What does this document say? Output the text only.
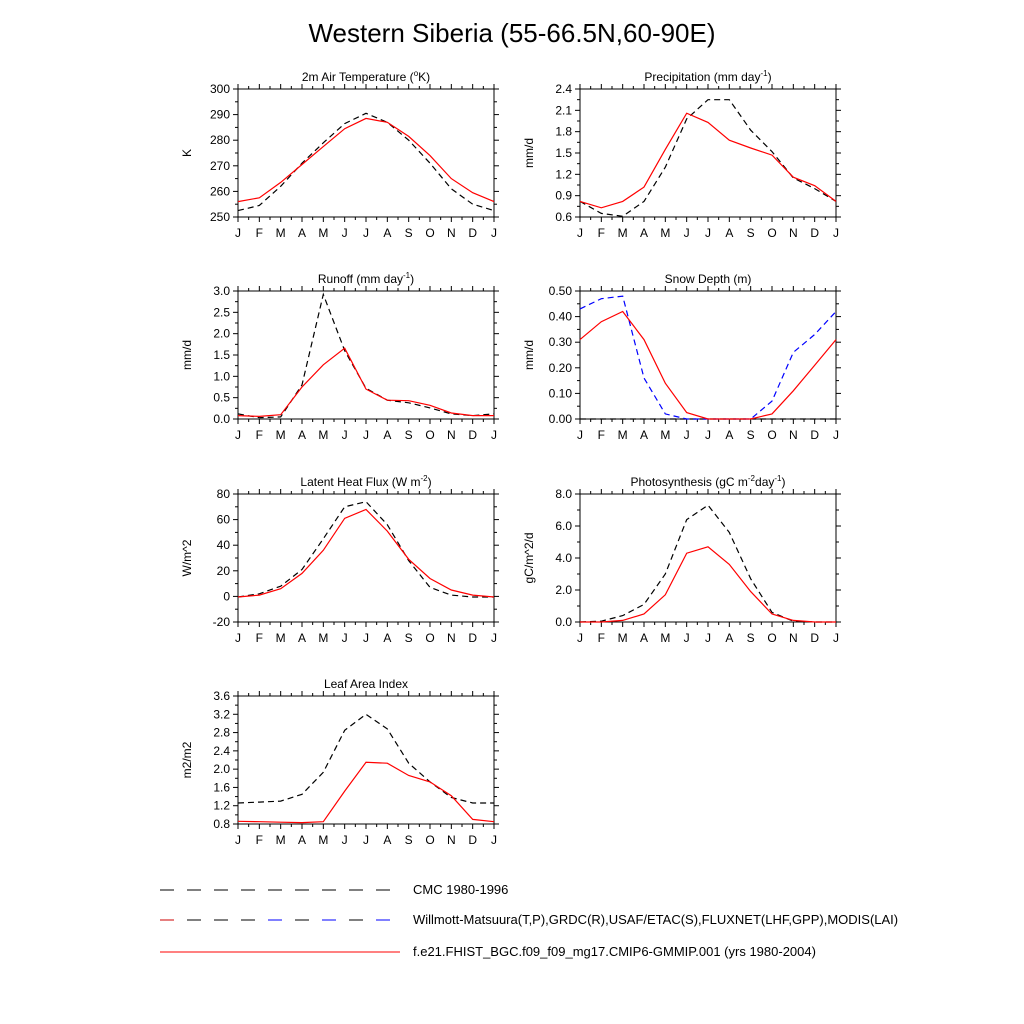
Western Siberia (55-66.5N,60-90E)
2m Air Temperature ($^o$K)
J F M A M J J A S O N D J
250
260
270
280
290
300
K
Precipitation (mm day$^{-1}$)
J F M A M J J A S O N D J
0.6
0.9
1.2
1.5
1.8
2.1
2.4
mm/d
Runoff (mm day$^{-1}$)
J F M A M J J A S O N D J
0.0
0.5
1.0
1.5
2.0
2.5
3.0
mm/d
Snow Depth (m)
J F M A M J J A S O N D J
0.00
0.10
0.20
0.30
0.40
0.50
mm/d
Latent Heat Flux (W $m^{-2}$)
J F M A M J J A S O N D J
-20
0
20
40
60
80
W/m^2
Photosynthesis (gC $m^{-2}day^{-1}$)
J F M A M J J A S O N D J
0.0
2.0
4.0
6.0
8.0
gC/m^2/d
Leaf Area Index
J F M A M J J A S O N D J
0.8
1.2
1.6
2.0
2.4
2.8
3.2
3.6
m2/m2
CMC 1980-1996
Willmott-Matsuura(T,P),GRDC(R),USAF/ETAC(S),FLUXNET(LHF,GPP),MODIS(LAI)
f.e21.FHIST_BGC.f09_f09_mg17.CMIP6-GMMIP.001 (yrs 1980-2004)
